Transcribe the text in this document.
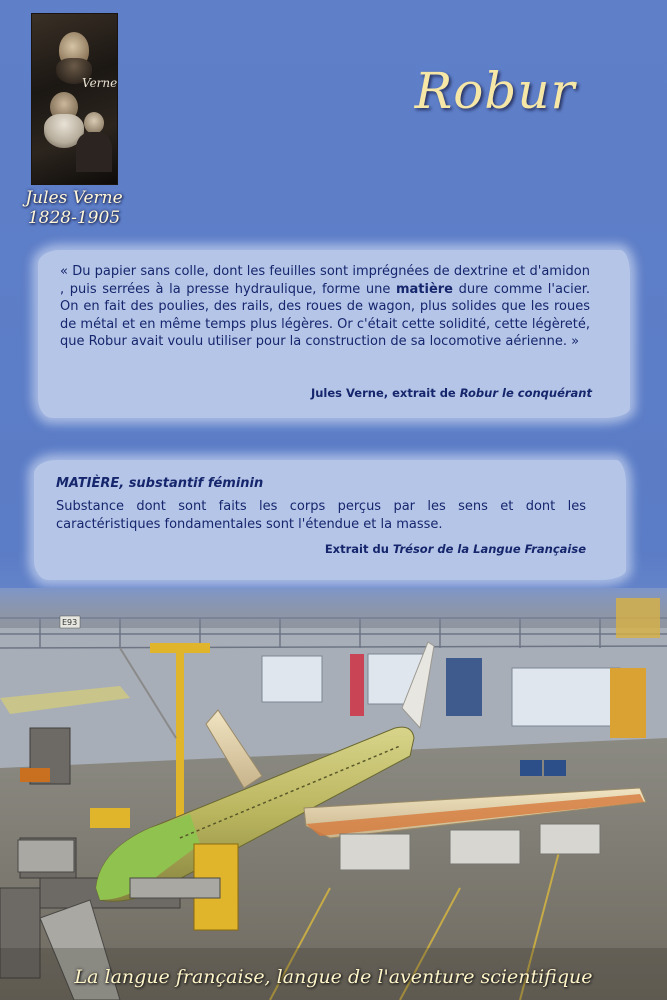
Verne
Jules Verne
1828-1905
Robur
« Du papier sans colle, dont les feuilles sont imprégnées de dextrine et d'amidon , puis serrées à la presse hydraulique, forme une matière dure comme l'acier. On en fait des poulies, des rails, des roues de wagon, plus solides que les roues de métal et en même temps plus légères. Or c'était cette solidité, cette légèreté, que Robur avait voulu utiliser pour la construction de sa locomotive aérienne. »
Jules Verne, extrait de Robur le conquérant
MATIÈRE, substantif féminin
Substance dont sont faits les corps perçus par les sens et dont les caractéristiques fondamentales sont l'étendue et la masse.
Extrait du Trésor de la Langue Française
E93
La langue française, langue de l'aventure scientifique
